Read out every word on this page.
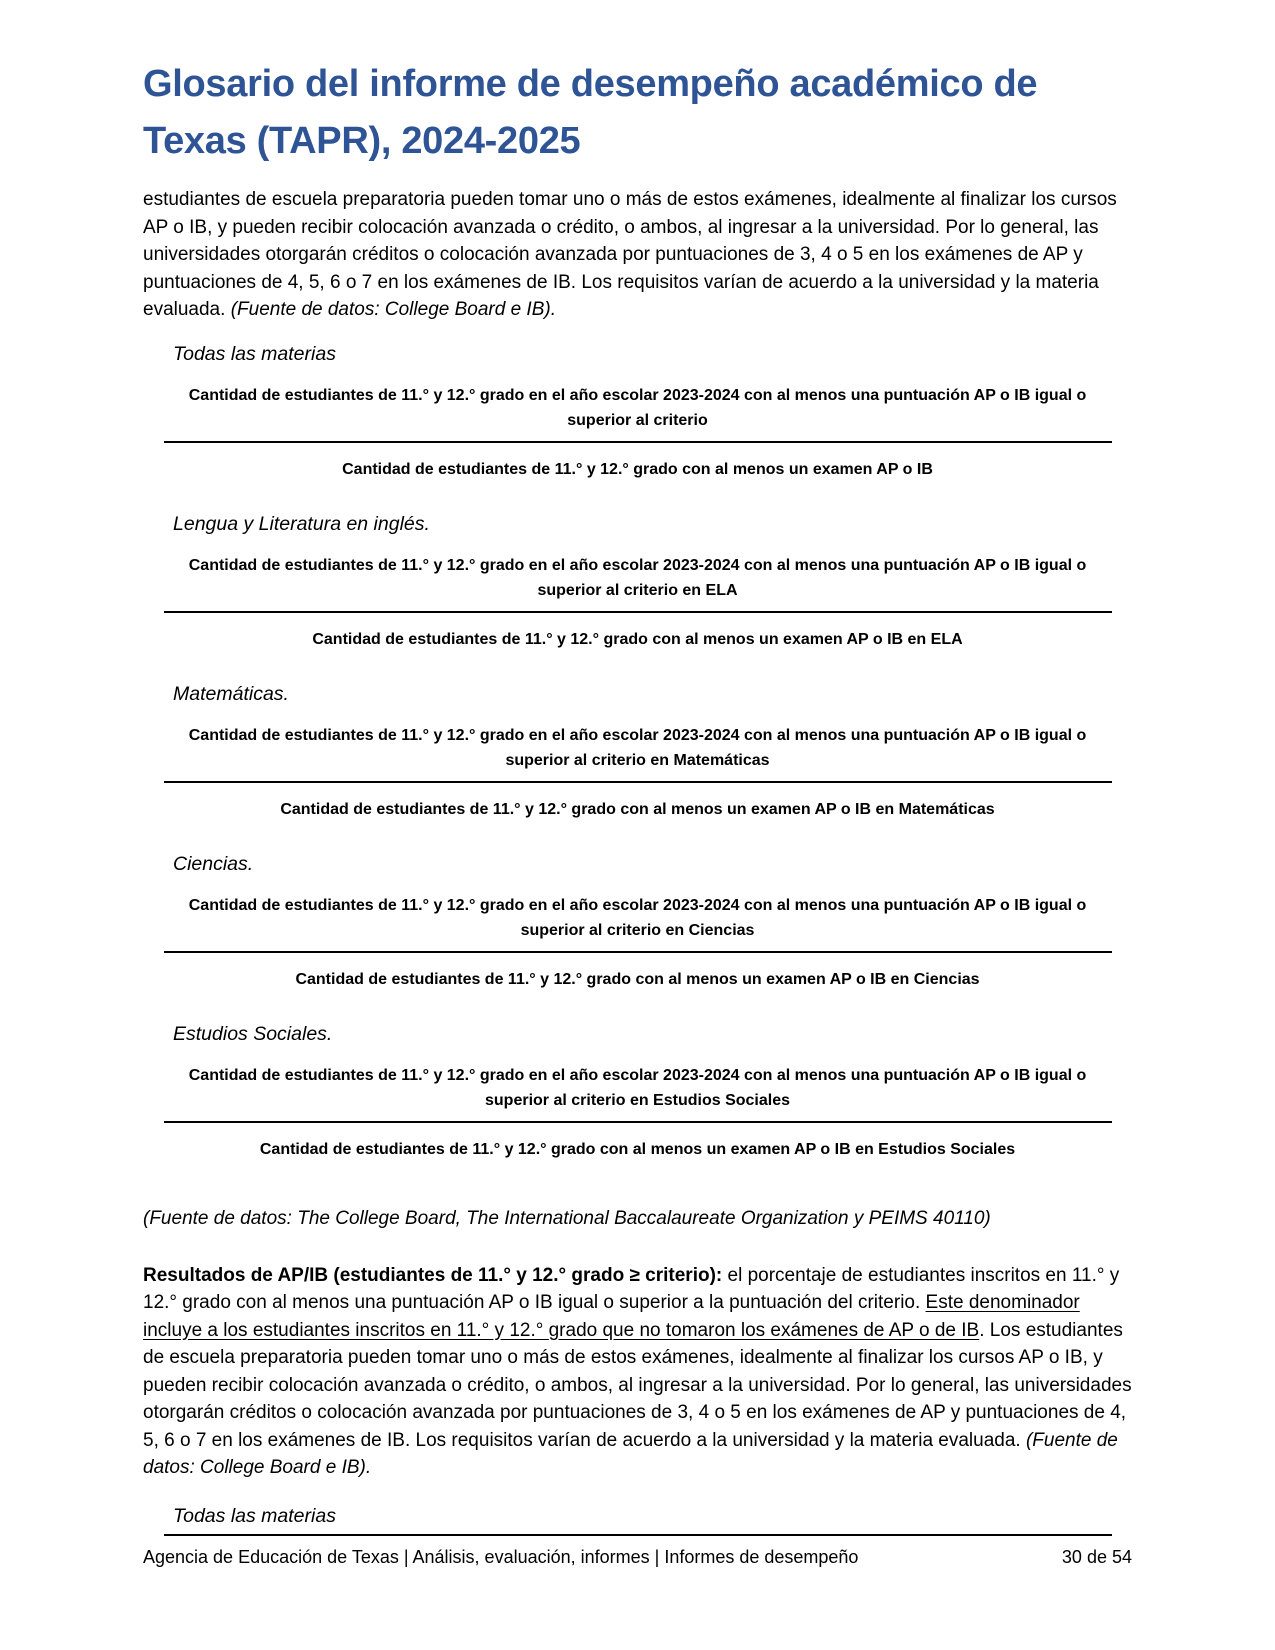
Glosario del informe de desempeño académico de Texas (TAPR), 2024-2025

estudiantes de escuela preparatoria pueden tomar uno o más de estos exámenes, idealmente al finalizar los cursos AP o IB, y pueden recibir colocación avanzada o crédito, o ambos, al ingresar a la universidad. Por lo general, las universidades otorgarán créditos o colocación avanzada por puntuaciones de 3, 4 o 5 en los exámenes de AP y puntuaciones de 4, 5, 6 o 7 en los exámenes de IB. Los requisitos varían de acuerdo a la universidad y la materia evaluada. (Fuente de datos: College Board e IB).

Todas las materias
Cantidad de estudiantes de 11.° y 12.° grado en el año escolar 2023-2024 con al menos una puntuación AP o IB igual o superior al criterio
Cantidad de estudiantes de 11.° y 12.° grado con al menos un examen AP o IB
Lengua y Literatura en inglés.
Cantidad de estudiantes de 11.° y 12.° grado en el año escolar 2023-2024 con al menos una puntuación AP o IB igual o superior al criterio en ELA
Cantidad de estudiantes de 11.° y 12.° grado con al menos un examen AP o IB en ELA
Matemáticas.
Cantidad de estudiantes de 11.° y 12.° grado en el año escolar 2023-2024 con al menos una puntuación AP o IB igual o superior al criterio en Matemáticas
Cantidad de estudiantes de 11.° y 12.° grado con al menos un examen AP o IB en Matemáticas
Ciencias.
Cantidad de estudiantes de 11.° y 12.° grado en el año escolar 2023-2024 con al menos una puntuación AP o IB igual o superior al criterio en Ciencias
Cantidad de estudiantes de 11.° y 12.° grado con al menos un examen AP o IB en Ciencias
Estudios Sociales.
Cantidad de estudiantes de 11.° y 12.° grado en el año escolar 2023-2024 con al menos una puntuación AP o IB igual o superior al criterio en Estudios Sociales
Cantidad de estudiantes de 11.° y 12.° grado con al menos un examen AP o IB en Estudios Sociales

(Fuente de datos: The College Board, The International Baccalaureate Organization y PEIMS 40110)

Resultados de AP/IB (estudiantes de 11.° y 12.° grado ≥ criterio): el porcentaje de estudiantes inscritos en 11.° y 12.° grado con al menos una puntuación AP o IB igual o superior a la puntuación del criterio. Este denominador incluye a los estudiantes inscritos en 11.° y 12.° grado que no tomaron los exámenes de AP o de IB. Los estudiantes de escuela preparatoria pueden tomar uno o más de estos exámenes, idealmente al finalizar los cursos AP o IB, y pueden recibir colocación avanzada o crédito, o ambos, al ingresar a la universidad. Por lo general, las universidades otorgarán créditos o colocación avanzada por puntuaciones de 3, 4 o 5 en los exámenes de AP y puntuaciones de 4, 5, 6 o 7 en los exámenes de IB. Los requisitos varían de acuerdo a la universidad y la materia evaluada. (Fuente de datos: College Board e IB).

Todas las materias
Agencia de Educación de Texas | Análisis, evaluación, informes | Informes de desempeño	30 de 54
